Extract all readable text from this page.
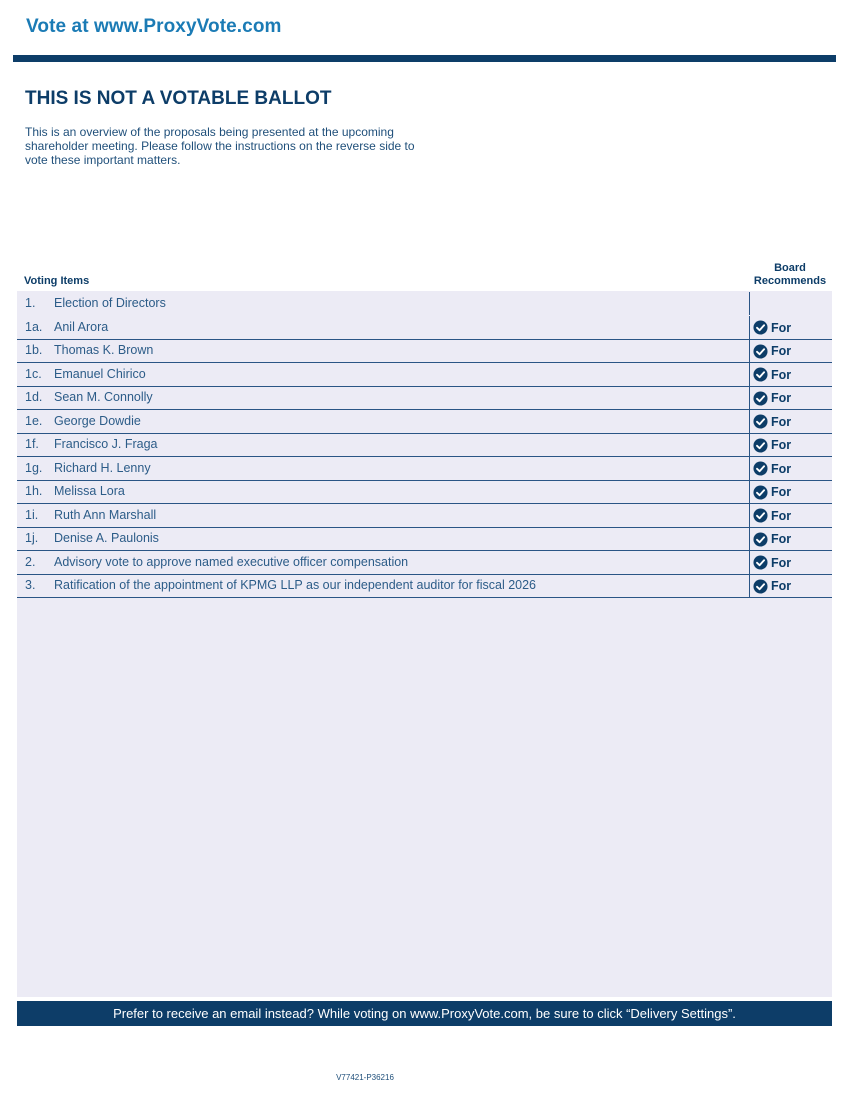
Vote at www.ProxyVote.com
THIS IS NOT A VOTABLE BALLOT

This is an overview of the proposals being presented at the upcoming shareholder meeting. Please follow the instructions on the reverse side to vote these important matters.

Voting Items
Board
Recommends
1. Election of Directors
1a. Anil Arora	For
1b. Thomas K. Brown	For
1c. Emanuel Chirico	For
1d. Sean M. Connolly	For
1e. George Dowdie	For
1f. Francisco J. Fraga	For
1g. Richard H. Lenny	For
1h. Melissa Lora	For
1i. Ruth Ann Marshall	For
1j. Denise A. Paulonis	For
2. Advisory vote to approve named executive officer compensation	For
3. Ratification of the appointment of KPMG LLP as our independent auditor for fiscal 2026	For
Prefer to receive an email instead? While voting on www.ProxyVote.com, be sure to click “Delivery Settings”.
V77421-P36216
